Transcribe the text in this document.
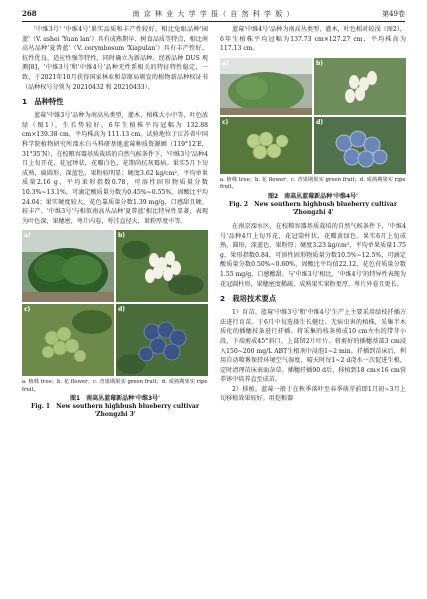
268	南 京 林 业 大 学 学 报（ 自 然 科 学 版 ）	第49卷

'中维3号' '中维4号'果实品质和丰产性较好，相比兔眼品种'园蓝'（V. ashei 'Yuan lan'）具有成熟期早、树食品质等特点，相比南高丛品种'夏普蓝'（V. corymbosum 'Xiapulan'）具有丰产性好、抗性优良、适应性强等特性，同时确立为新品种。经新品种 DUS 观测[8]，'中维3号'和'中维4号'品种无性系相关的特征特性稳定，一致，于2021年10月获得国家林业和草原局颁发的植物新品种权证书（品种权号分别为 20210432 和 20210433）。

1　品种特性

蓝莓'中维3号'品种为南高丛类型，灌木，植株大小中等，叶色浓绿（图1），生长势较好，6年生植株平均冠幅为 132.88 cm×139.38 cm，平均株高为 111.13 cm。试验地位于江苏省中国科学院植物研究所溧水白马科研基地蓝莓种质资源圃（119°12′E，31°35′N），在校粮容器基质栽培的自然气候条件下，'中维3号'品种4月上旬开花，花冠钟状，花瓣白色，花期尚抗灰霉病。果实5月下旬成熟，扁圆形，深蓝色，果粉较明显；硬度3.62 kg/cm²，平均单果质量2.16 g，平均果形指数0.78，可溶性固形物质量分数10.3%~13.1%，可滴定酸质量分数为0.45%~0.55%，固酸比平均24.04；果实硬度较大，花色靠质量分数1.39 mg/g，口感甜且硬，较丰产。'中维3号'与相似南高丛品种'夏普蓝'相比特异性显著，表现为叶色深，果穗密，萼片内卷，萼洼直径大，果粉厚度中等。

a)	b)
c)	d)

a. 植株 tree；b. 花 flower；c. 青果期果实 green fruit；d. 成熟期果实 ripe fruit。

图1　南高丛蓝莓新品种'中维3号'
Fig. 1　New southern highbush blueberry cultivar 'Zhongzhi 3'

蓝莓'中维4号'品种为南高丛类型，灌木，叶色相对较浅（图2），6年生植株平均冠幅为137.73 cm×127.27 cm，平均株高为117.13 cm。

a)	b)
c)	d)

a. 植株 tree；b. 花 flower；c. 青果期果实 green fruit；d. 成熟期果实 ripe fruit。

图2　南高丛蓝莓新品种'中维4号'
Fig. 2　New southern highbush blueberry cultivar
'Zhongzhi 4'

在南京溧水区，在校粮容器基质栽培的自然气候条件下，'中维4号'品种4月上旬开花，花冠筒柱状，花瓣黄绿色。果实6月上旬成熟，圆形，深蓝色，果粉厚；硬度3.23 kg/cm²，平均单果质量1.75 g，果形指数0.84，可溶性固形物质量分数10.5%~12.5%，可滴定酸质量分数0.50%~0.60%，固酸比平均值22.12，花色苷质量分数1.55 mg/g，口感酸甜。与'中维3号'相比，'中维4号'的特异性表现为花冠圆柱形，果穗密度稀疏，成熟果实果粉更厚，萼片外卷且更长。

2　栽培技术要点

1）育苗。蓝莓'中维3号'和'中维4号'生产上主要采用绿枝扦插方法进行育苗。于6月中旬选择生长健壮、无病虫害的植株，采集半木质化的插穗枝条进行扦插。将采集的枝条剪成10 cm左右的带芽小段，下端剪成45°斜口，上部留2片叶片。将剪好的插穗基部3 cm浸入150~200 mg/L ABT生根剂中浸泡1~2 min。扦插到苗床后，利用自动喷雾保持环境空气湿度，晴天时每1~2 d浇水一次促进生根，定时清理苗床表面杂草。插穗扦插90 d后，移植到18 cm×16 cm营养钵中培养直至成苗。

2）移植。蓝莓一般于在秋季落叶至春季萌芽前即1月初~3月上旬移植效果较好。用挖根器
